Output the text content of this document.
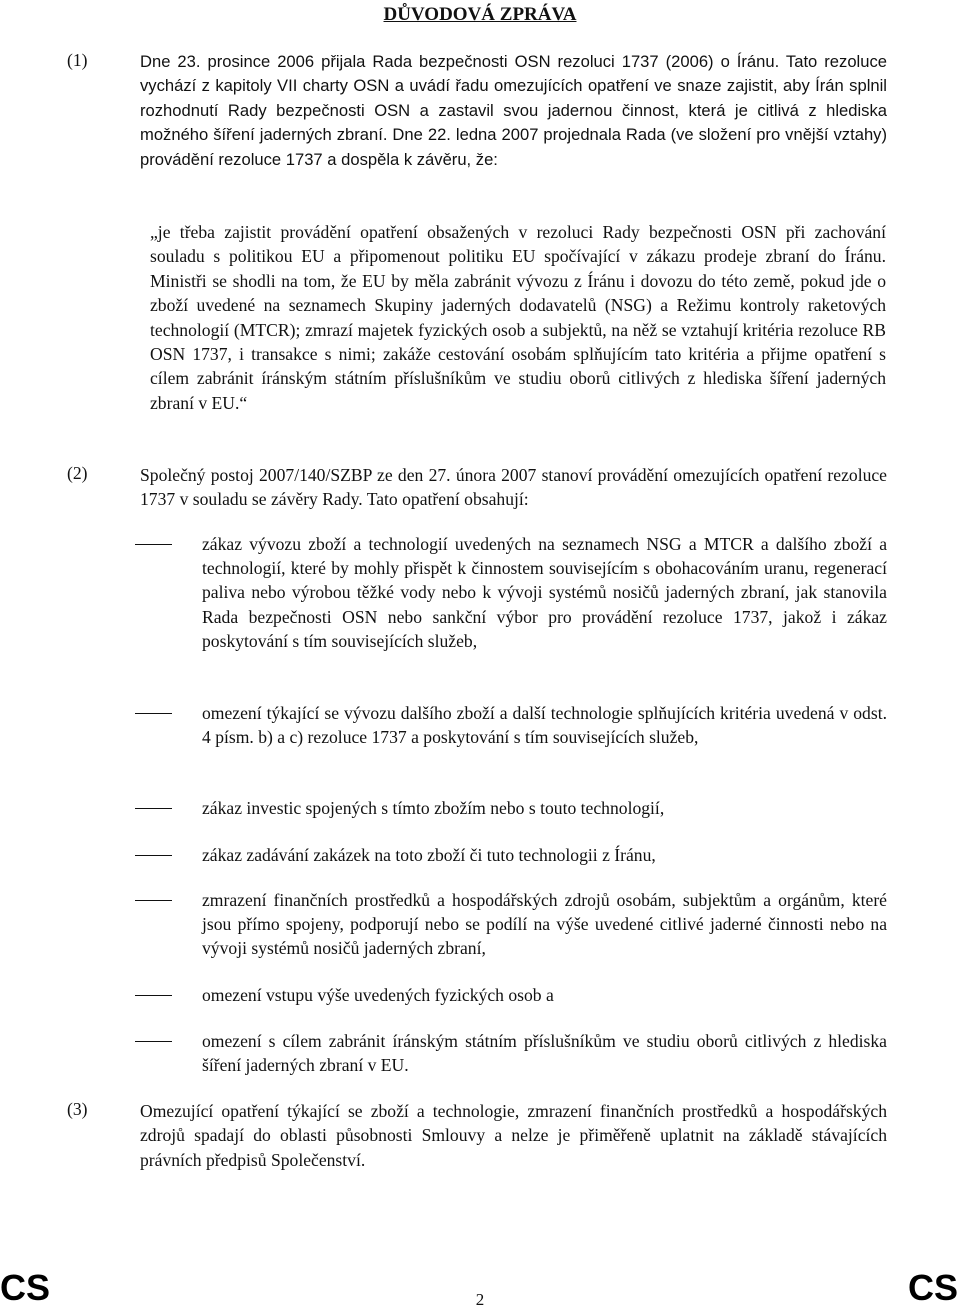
DŮVODOVÁ ZPRÁVA
(1)	Dne 23. prosince 2006 přijala Rada bezpečnosti OSN rezoluci 1737 (2006) o Íránu. Tato rezoluce vychází z kapitoly VII charty OSN a uvádí řadu omezujících opatření ve snaze zajistit, aby Írán splnil rozhodnutí Rady bezpečnosti OSN a zastavil svou jadernou činnost, která je citlivá z hlediska možného šíření jaderných zbraní. Dne 22. ledna 2007 projednala Rada (ve složení pro vnější vztahy) provádění rezoluce 1737 a dospěla k závěru, že:
„je třeba zajistit provádění opatření obsažených v rezoluci Rady bezpečnosti OSN při zachování souladu s politikou EU a připomenout politiku EU spočívající v zákazu prodeje zbraní do Íránu. Ministři se shodli na tom, že EU by měla zabránit vývozu z Íránu i dovozu do této země, pokud jde o zboží uvedené na seznamech Skupiny jaderných dodavatelů (NSG) a Režimu kontroly raketových technologií (MTCR); zmrazí majetek fyzických osob a subjektů, na něž se vztahují kritéria rezoluce RB OSN 1737, i transakce s nimi; zakáže cestování osobám splňujícím tato kritéria a přijme opatření s cílem zabránit íránským státním příslušníkům ve studiu oborů citlivých z hlediska šíření jaderných zbraní v EU.“
(2)	Společný postoj 2007/140/SZBP ze den 27. února 2007 stanoví provádění omezujících opatření rezoluce 1737 v souladu se závěry Rady. Tato opatření obsahují:
zákaz vývozu zboží a technologií uvedených na seznamech NSG a MTCR a dalšího zboží a technologií, které by mohly přispět k činnostem souvisejícím s obohacováním uranu, regenerací paliva nebo výrobou těžké vody nebo k vývoji systémů nosičů jaderných zbraní, jak stanovila Rada bezpečnosti OSN nebo sankční výbor pro provádění rezoluce 1737, jakož i zákaz poskytování s tím souvisejících služeb,
omezení týkající se vývozu dalšího zboží a další technologie splňujících kritéria uvedená v odst. 4 písm. b) a c) rezoluce 1737 a poskytování s tím souvisejících služeb,
zákaz investic spojených s tímto zbožím nebo s touto technologií,
zákaz zadávání zakázek na toto zboží či tuto technologii z Íránu,
zmrazení finančních prostředků a hospodářských zdrojů osobám, subjektům a orgánům, které jsou přímo spojeny, podporují nebo se podílí na výše uvedené citlivé jaderné činnosti nebo na vývoji systémů nosičů jaderných zbraní,
omezení vstupu výše uvedených fyzických osob a
omezení s cílem zabránit íránským státním příslušníkům ve studiu oborů citlivých z hlediska šíření jaderných zbraní v EU.
(3)	Omezující opatření týkající se zboží a technologie, zmrazení finančních prostředků a hospodářských zdrojů spadají do oblasti působnosti Smlouvy a nelze je přiměřeně uplatnit na základě stávajících právních předpisů Společenství.
CS	2	CS
